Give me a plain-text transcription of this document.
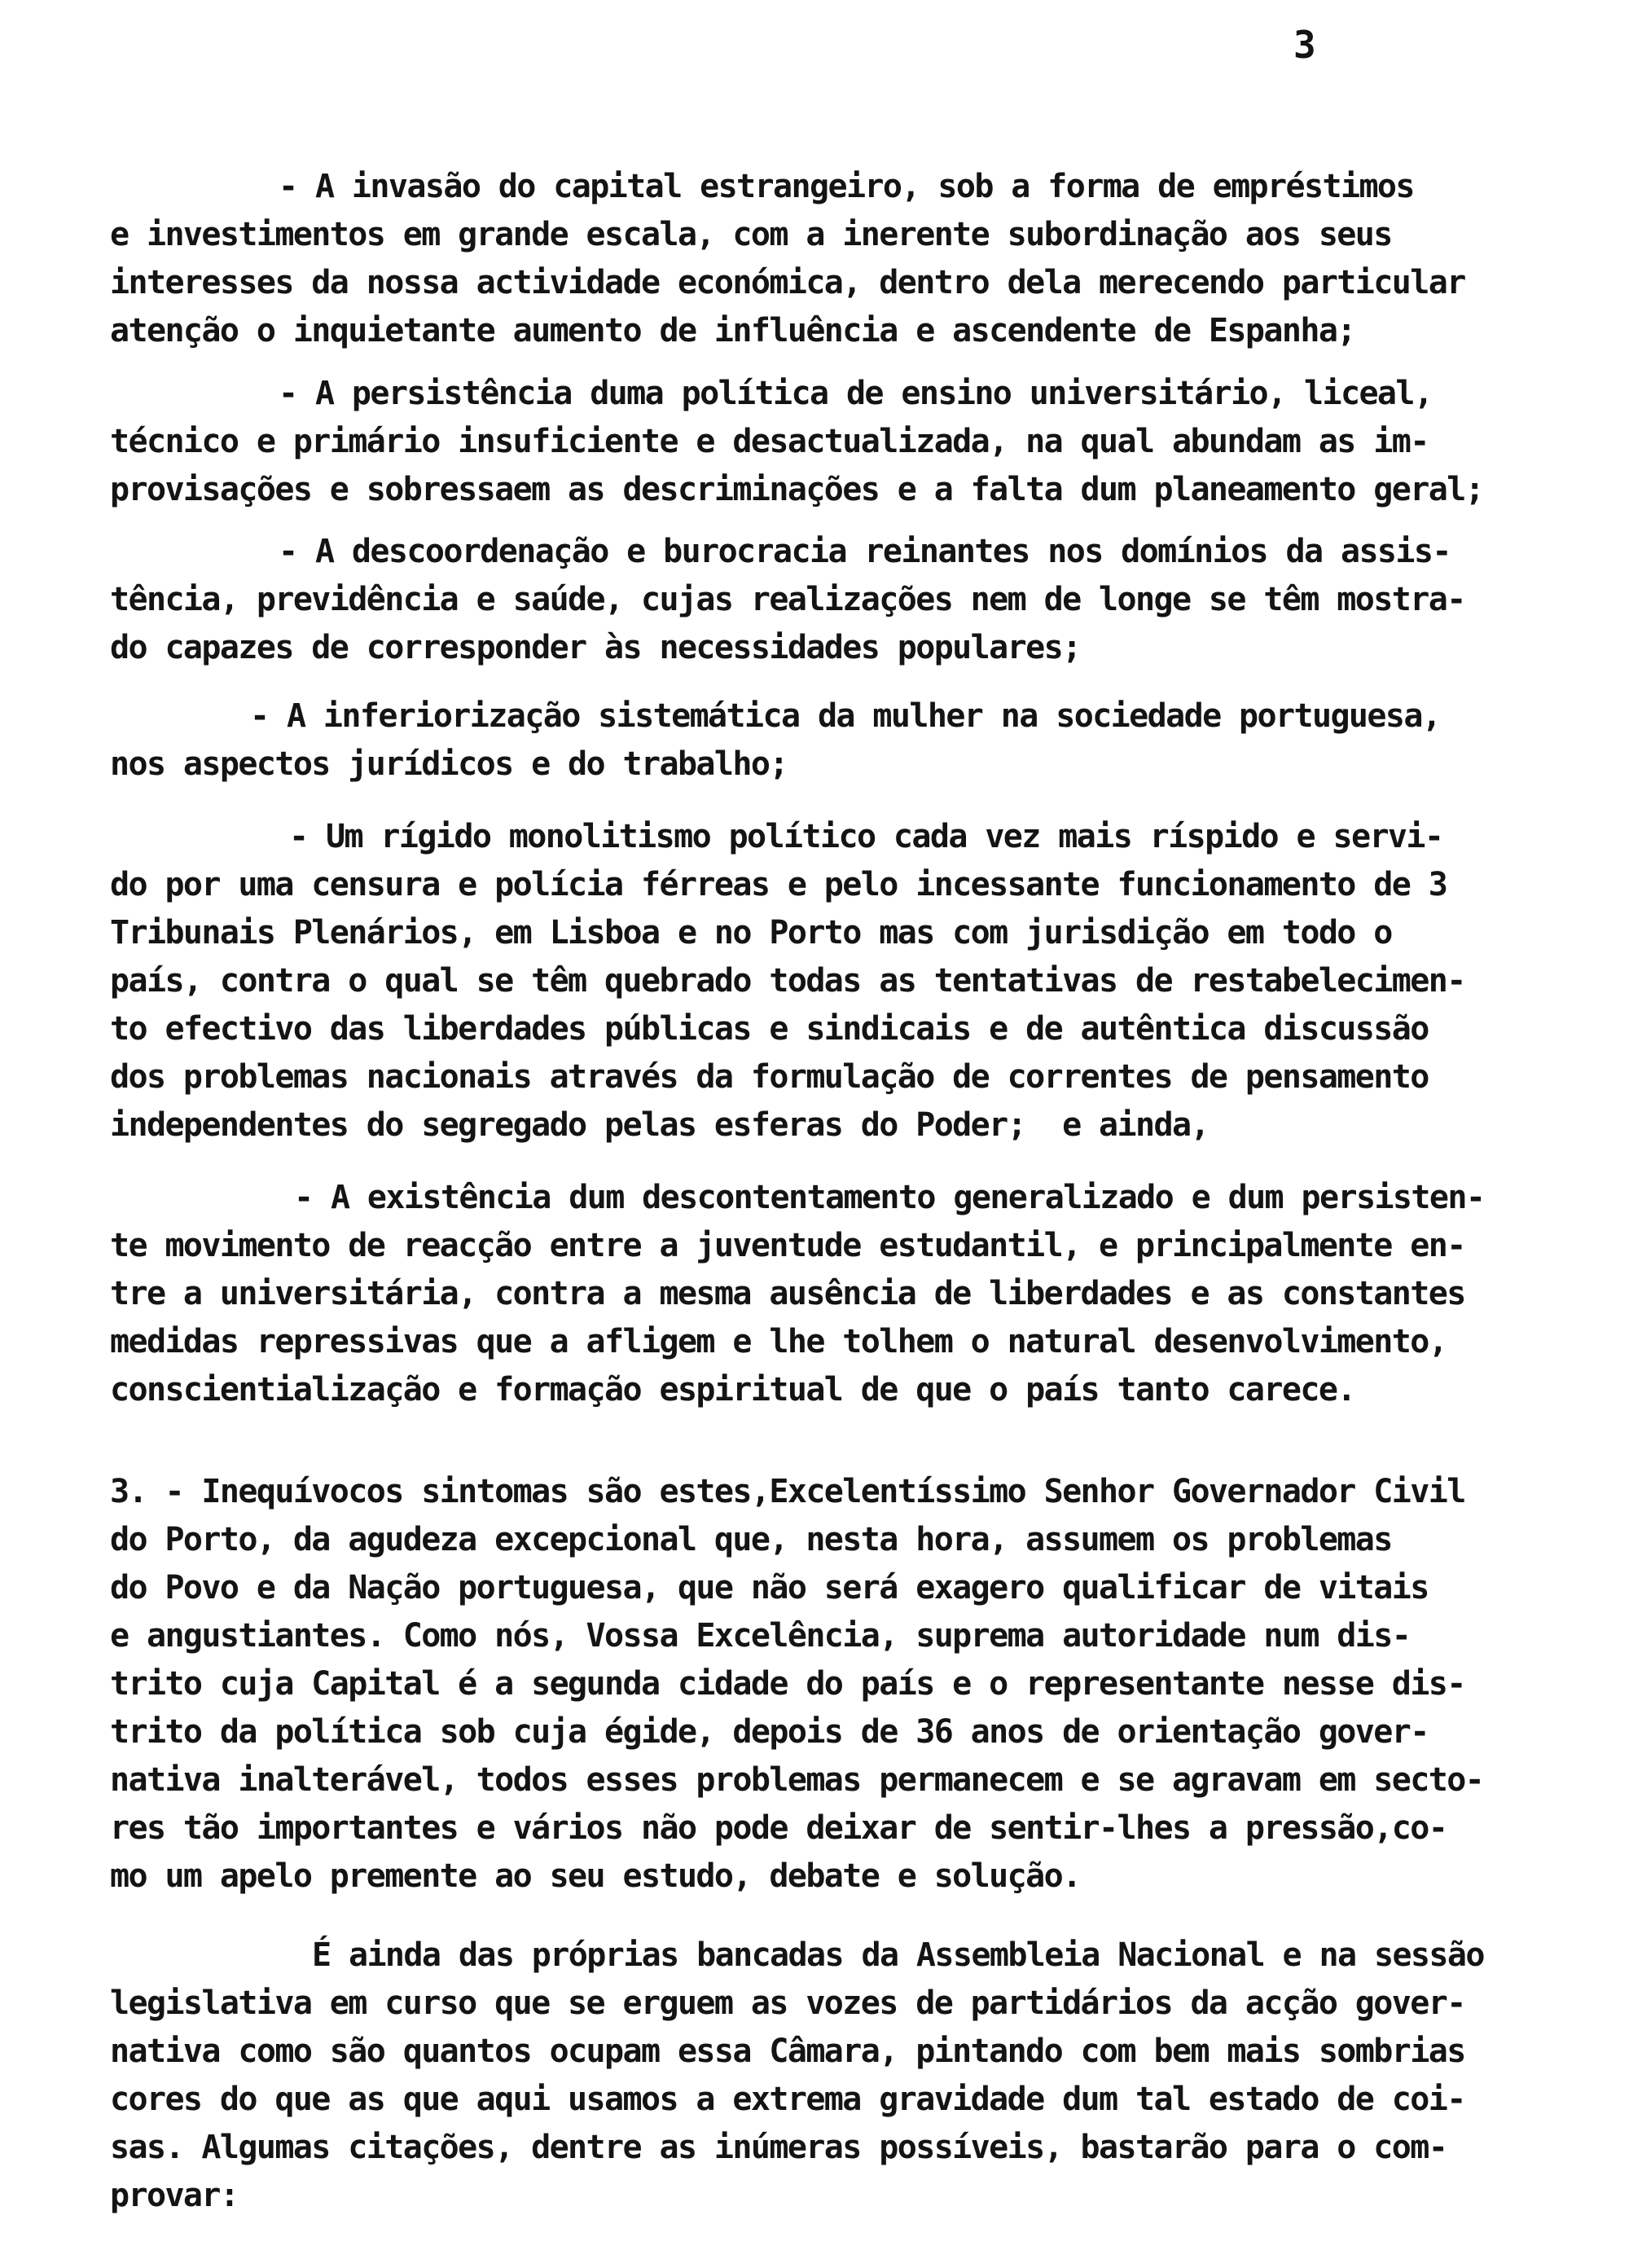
3
- A invasão do capital estrangeiro, sob a forma de empréstimos
e investimentos em grande escala, com a inerente subordinação aos seus
interesses da nossa actividade económica, dentro dela merecendo particular
atenção o inquietante aumento de influência e ascendente de Espanha;
- A persistência duma política de ensino universitário, liceal,
técnico e primário insuficiente e desactualizada, na qual abundam as im-
provisações e sobressaem as descriminações e a falta dum planeamento geral;
- A descoordenação e burocracia reinantes nos domínios da assis-
tência, previdência e saúde, cujas realizações nem de longe se têm mostra-
do capazes de corresponder às necessidades populares;
- A inferiorização sistemática da mulher na sociedade portuguesa,
nos aspectos jurídicos e do trabalho;
- Um rígido monolitismo político cada vez mais ríspido e servi-
do por uma censura e polícia férreas e pelo incessante funcionamento de 3
Tribunais Plenários, em Lisboa e no Porto mas com jurisdição em todo o
país, contra o qual se têm quebrado todas as tentativas de restabelecimen-
to efectivo das liberdades públicas e sindicais e de autêntica discussão
dos problemas nacionais através da formulação de correntes de pensamento
independentes do segregado pelas esferas do Poder;  e ainda,
- A existência dum descontentamento generalizado e dum persisten-
te movimento de reacção entre a juventude estudantil, e principalmente en-
tre a universitária, contra a mesma ausência de liberdades e as constantes
medidas repressivas que a afligem e lhe tolhem o natural desenvolvimento,
conscientialização e formação espiritual de que o país tanto carece.
3. - Inequívocos sintomas são estes,Excelentíssimo Senhor Governador Civil
do Porto, da agudeza excepcional que, nesta hora, assumem os problemas
do Povo e da Nação portuguesa, que não será exagero qualificar de vitais
e angustiantes. Como nós, Vossa Excelência, suprema autoridade num dis-
trito cuja Capital é a segunda cidade do país e o representante nesse dis-
trito da política sob cuja égide, depois de 36 anos de orientação gover-
nativa inalterável, todos esses problemas permanecem e se agravam em secto-
res tão importantes e vários não pode deixar de sentir-lhes a pressão,co-
mo um apelo premente ao seu estudo, debate e solução.
É ainda das próprias bancadas da Assembleia Nacional e na sessão
legislativa em curso que se erguem as vozes de partidários da acção gover-
nativa como são quantos ocupam essa Câmara, pintando com bem mais sombrias
cores do que as que aqui usamos a extrema gravidade dum tal estado de coi-
sas. Algumas citações, dentre as inúmeras possíveis, bastarão para o com-
provar:
